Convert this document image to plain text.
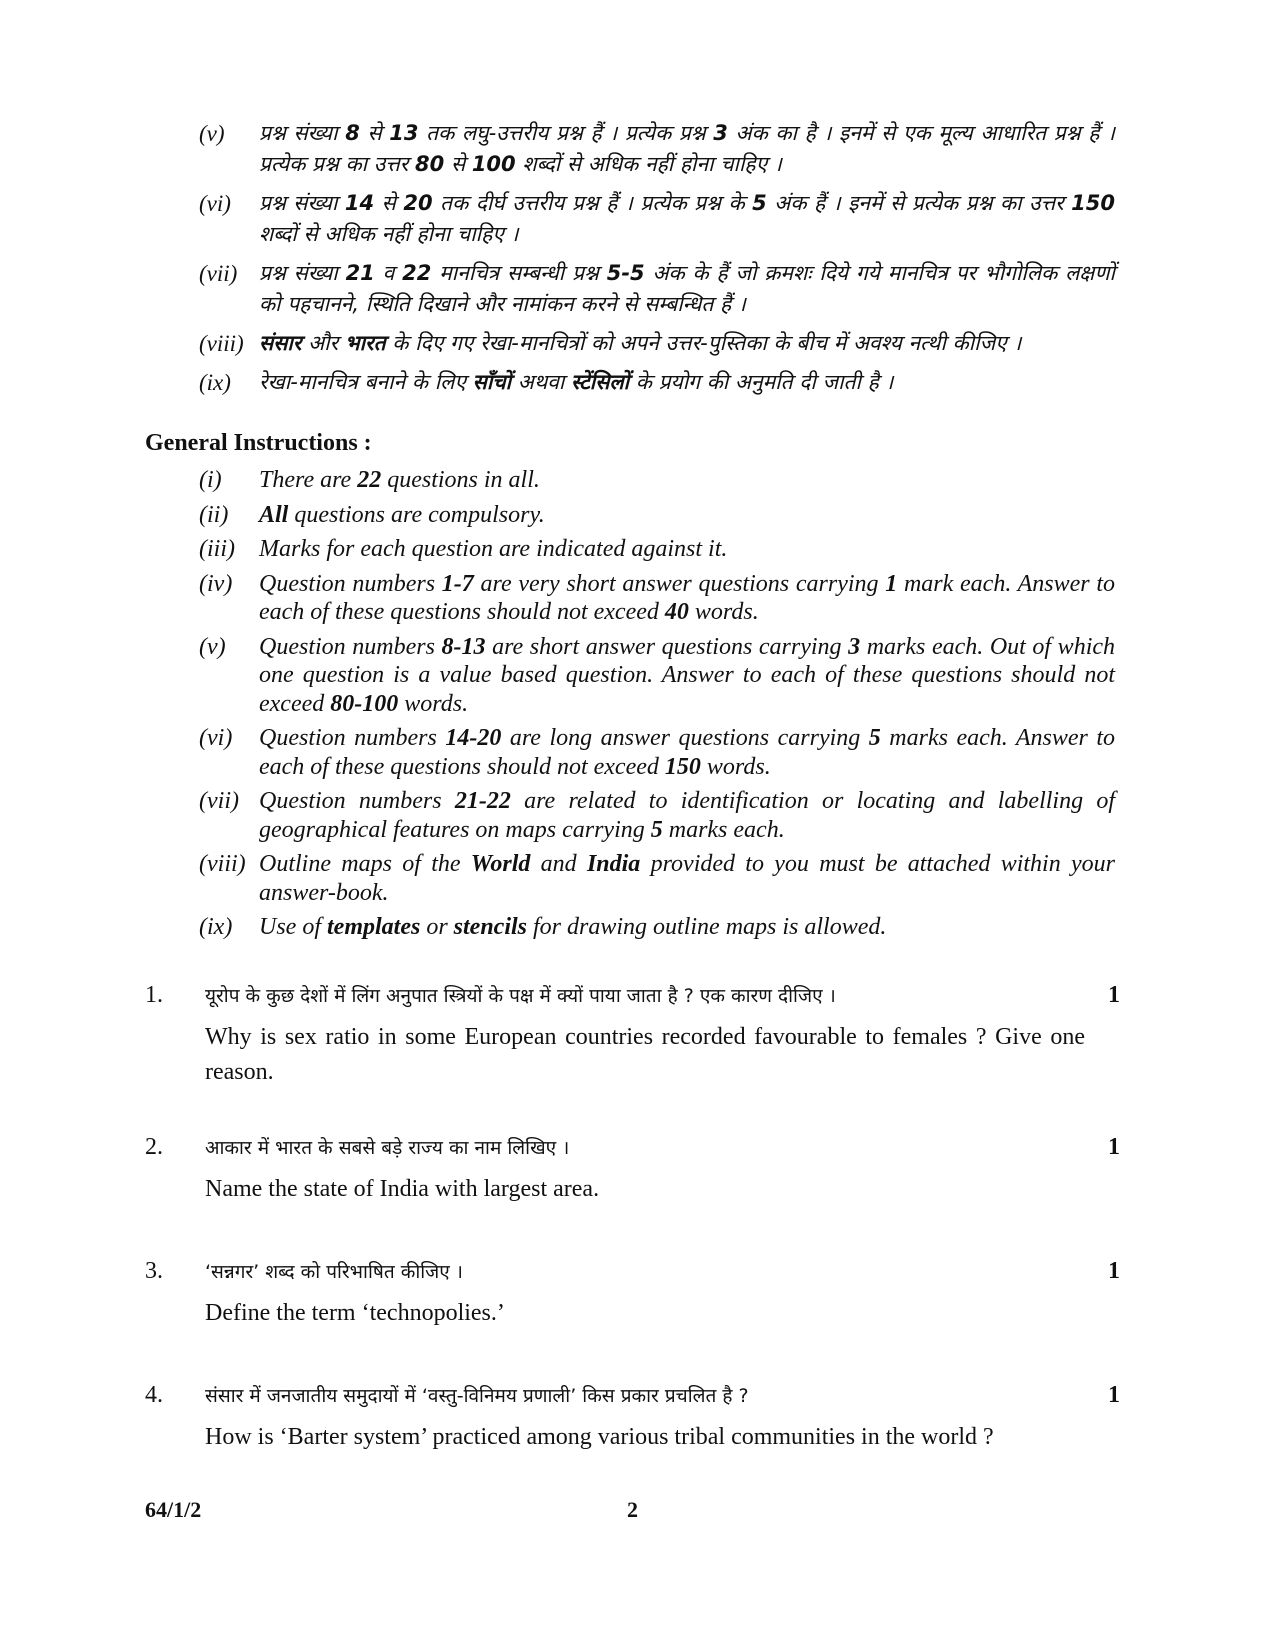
(v)	प्रश्न संख्या 8 से 13 तक लघु-उत्तरीय प्रश्न हैं । प्रत्येक प्रश्न 3 अंक का है । इनमें से एक मूल्य आधारित प्रश्न हैं । प्रत्येक प्रश्न का उत्तर 80 से 100 शब्दों से अधिक नहीं होना चाहिए ।
(vi)	प्रश्न संख्या 14 से 20 तक दीर्घ उत्तरीय प्रश्न हैं । प्रत्येक प्रश्न के 5 अंक हैं । इनमें से प्रत्येक प्रश्न का उत्तर 150 शब्दों से अधिक नहीं होना चाहिए ।
(vii)	प्रश्न संख्या 21 व 22 मानचित्र सम्बन्धी प्रश्न 5-5 अंक के हैं जो क्रमशः दिये गये मानचित्र पर भौगोलिक लक्षणों को पहचानने, स्थिति दिखाने और नामांकन करने से सम्बन्धित हैं ।
(viii) संसार और भारत के दिए गए रेखा-मानचित्रों को अपने उत्तर-पुस्तिका के बीच में अवश्य नत्थी कीजिए ।
(ix)	रेखा-मानचित्र बनाने के लिए साँचों अथवा स्टेंसिलों के प्रयोग की अनुमति दी जाती है ।
General Instructions :
(i)	There are 22 questions in all.
(ii)	All questions are compulsory.
(iii)	Marks for each question are indicated against it.
(iv)	Question numbers 1-7 are very short answer questions carrying 1 mark each. Answer to each of these questions should not exceed 40 words.
(v)	Question numbers 8-13 are short answer questions carrying 3 marks each. Out of which one question is a value based question. Answer to each of these questions should not exceed 80-100 words.
(vi)	Question numbers 14-20 are long answer questions carrying 5 marks each. Answer to each of these questions should not exceed 150 words.
(vii) Question numbers 21-22 are related to identification or locating and labelling of geographical features on maps carrying 5 marks each.
(viii) Outline maps of the World and India provided to you must be attached within your answer-book.
(ix)	Use of templates or stencils for drawing outline maps is allowed.
1. यूरोप के कुछ देशों में लिंग अनुपात स्त्रियों के पक्ष में क्यों पाया जाता है ? एक कारण दीजिए ।	1
Why is sex ratio in some European countries recorded favourable to females ? Give one reason.
2. आकार में भारत के सबसे बड़े राज्य का नाम लिखिए ।	1
Name the state of India with largest area.
3. ‘सन्नगर’ शब्द को परिभाषित कीजिए ।	1
Define the term ‘technopolies.’
4. संसार में जनजातीय समुदायों में ‘वस्तु-विनिमय प्रणाली’ किस प्रकार प्रचलित है ?	1
How is ‘Barter system’ practiced among various tribal communities in the world ?
64/1/2	2
